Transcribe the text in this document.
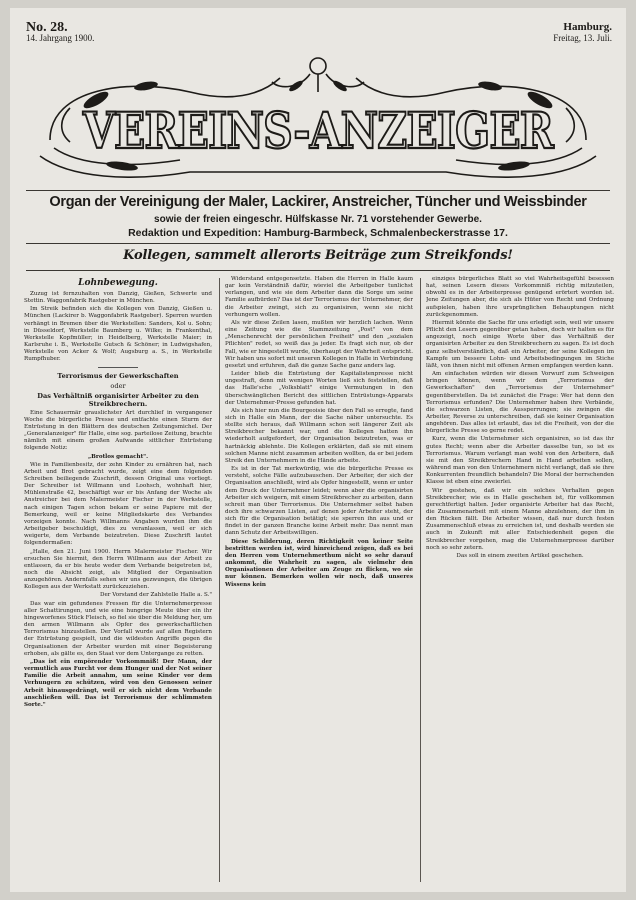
No. 28.
14. Jahrgang 1900.
Hamburg.
Freitag, 13. Juli.
VEREINS-ANZEIGER
Organ der Vereinigung der Maler, Lackirer, Anstreicher, Tüncher und Weissbinder
sowie der freien eingeschr. Hülfskasse Nr. 71 vorstehender Gewerbe.
Redaktion und Expedition: Hamburg-Barmbeck, Schmalenbeckerstrasse 17.
Kollegen, sammelt allerorts Beiträge zum Streikfonds!
Lohnbewegung.

Zuzug ist fernzuhalten von Danzig, Gießen, Schwerte und Stettin. Waggonfabrik Rastgeber in München.

Im Streik befinden sich die Kollegen von Danzig, Gießen u. München (Lackirer b. Waggonfabrik Rastgeber). Sperren wurden verhängt in Bremen über die Werkstellen: Sanders, Kol u. Sohn; in Düsseldorf, Werkstelle Baumberg u. Wilke; in Frankenthal, Werkstelle Kopfmüller; in Heidelberg, Werkstelle Maier; in Karlsruhe i. B., Werkstelle Gutsch & Schöner; in Ludwigshafen, Werkstelle von Acker & Wolf; Augsburg a. S., in Werkstelle Rumpfhuber.

Terrorismus der Gewerkschaften
oder
Das Verhältniß organisirter Arbeiter zu den Streikbrechern.

Eine Schauermär grauslichster Art durchlief in vergangener Woche die bürgerliche Presse und entfachte einen Sturm der Entrüstung in den Blättern des deutschen Zeitungsmichel. Der „Generalanzeiger" für Halle, eine sog. parteilose Zeitung, brachte nämlich mit einem großen Aufwande sittlicher Entrüstung folgende Notiz:

„Brotlos gemacht".

Wie in Familienbesitz, der zehn Kinder zu ernähren hat, nach Arbeit und Brot gebracht wurde, zeigt eine dem folgenden Schreiben beiliegende Zuschrift, dessen Original uns vorliegt. Der Schreiber ist Willmann und Loohsch, wohnhaft hier, Mühlenstraße 42, beschäftigt war er bis Anfang der Woche als Anstreicher bei dem Malermeister Fischer in der Werkstelle, nach einigen Tagen schon bekam er seine Papiere mit der Bemerkung, weil er keine Mitgliedskarte des Verbandes vorzeigen konnte. Nach Willmanns Angaben wurden ihm die Arbeitgeber beschuldigt, dies zu veranlassen, weil er sich weigerte, dem Verbande beizutreten. Diese Zuschrift lautet folgendermaßen:

„Halle, den 21. Juni 1900. Herrn Malermeister Fischer. Wir ersuchen Sie hiermit, den Herrn Willmann aus der Arbeit zu entlassen, da er bis heute weder dem Verbande beigetreten ist, noch die Absicht zeigt, als Mitglied der Organisation anzugehören. Andernfalls sehen wir uns gezwungen, die übrigen Kollegen aus der Werkstatt zurückzuziehen.

Der Vorstand der Zahlstelle Halle a. S."

Das war ein gefundenes Fressen für die Unternehmerpresse aller Schattirungen, und wie eine hungrige Meute über ein ihr hingeworfenes Stück Fleisch, so fiel sie über die Meldung her, um den armen Willmann als Opfer des gewerkschaftlichen Terrorismus hinzustellen. Der Vorfall wurde auf allen Registern der Entrüstung gespielt, und die wildesten Angriffe gegen die Organisationen der Arbeiter wurden mit einer Begeisterung erhoben, als gälte es, den Staat vor dem Untergange zu retten.

„Das ist ein empörender Vorkommniß! Der Mann, der vermutlich aus Furcht vor dem Hunger und der Not seiner Familie die Arbeit annahm, um seine Kinder vor dem Verhungern zu schützen, wird von den Genossen seiner Arbeit hinausgedrängt, weil er sich nicht dem Verbande anschließen will. Das ist Terrorismus der schlimmsten Sorte."

Widerstand entgegensetzte. Haben die Herren in Halle kaum gar kein Verständniß dafür, wieviel die Arbeitgeber tunlichst verlangen, und wie sie dem Arbeiter dann die Sorge um seine Familie aufbürden? Das ist der Terrorismus der Unternehmer, der die Arbeiter zwingt, sich zu organisiren, wenn sie nicht verhungern wollen.

Als wir diese Zeilen lasen, mußten wir herzlich lachen. Wenn eine Zeitung wie die Stammzeitung „Post" von dem „Menschenrecht der persönlichen Freiheit" und den „sozialen Pflichten" redet, so weiß das ja jeder. Es fragt sich nur, ob der Fall, wie er hingestellt wurde, überhaupt der Wahrheit entspricht. Wir haben uns sofort mit unseren Kollegen in Halle in Verbindung gesetzt und erfuhren, daß die ganze Sache ganz anders lag.

Leider blieb die Entrüstung der Kapitalistenpresse nicht ungestraft, denn mit wenigen Worten ließ sich feststellen, daß das Halle'sche „Volksblatt" einige Vermutungen in den überschwänglichen Bericht des sittlichen Entrüstungs-Apparats der Unternehmer-Presse gefunden hat.

Als sich hier nun die Bourgeoisie über den Fall so erregte, fand sich in Halle ein Mann, der die Sache näher untersuchte. Es stellte sich heraus, daß Willmann schon seit längerer Zeit als Streikbrecher bekannt war, und die Kollegen hatten ihn wiederholt aufgefordert, der Organisation beizutreten, was er hartnäckig ablehnte. Die Kollegen erklärten, daß sie mit einem solchen Manne nicht zusammen arbeiten wollten, da er bei jedem Streik den Unternehmern in die Hände arbeite.

Es ist in der Tat merkwürdig, wie die bürgerliche Presse es versteht, solche Fälle aufzubauschen. Der Arbeiter, der sich der Organisation anschließt, wird als Opfer hingestellt, wenn er unter dem Druck der Unternehmer leidet; wenn aber die organisirten Arbeiter sich weigern, mit einem Streikbrecher zu arbeiten, dann schreit man über Terrorismus. Die Unternehmer selbst haben doch ihre schwarzen Listen, auf denen jeder Arbeiter steht, der sich für die Organisation betätigt; sie sperren ihn aus und er findet in der ganzen Branche keine Arbeit mehr. Das nennt man dann Schutz der Arbeitswilligen.

Diese Schilderung, deren Richtigkeit von keiner Seite bestritten werden ist, wird hinreichend zeigen, daß es bei den Herren vom Unternehmerthum nicht so sehr darauf ankommt, die Wahrheit zu sagen, als vielmehr den Organisationen der Arbeiter am Zeuge zu flicken, wo sie nur können. Bemerken wollen wir noch, daß unseres Wissens kein

einziges bürgerliches Blatt so viel Wahrheitsgefühl besessen hat, seinen Lesern dieses Vorkommniß richtig mitzuteilen, obwohl es in der Arbeiterpresse genügend erörtert worden ist. Jene Zeitungen aber, die sich als Hüter von Recht und Ordnung aufspielen, haben ihre ursprünglichen Behauptungen nicht zurückgenommen.

Hiermit könnte die Sache für uns erledigt sein, weil wir unsere Pflicht den Lesern gegenüber getan haben, doch wir halten es für angezeigt, noch einige Worte über das Verhältniß der organisirten Arbeiter zu den Streikbrechern zu sagen. Es ist doch ganz selbstverständlich, daß ein Arbeiter, der seine Kollegen im Kampfe um bessere Lohn- und Arbeitsbedingungen im Stiche läßt, von ihnen nicht mit offenen Armen empfangen werden kann.

Am einfachsten würden wir diesen Vorwurf zum Schweigen bringen können, wenn wir dem „Terrorismus der Gewerkschaften" den „Terrorismus der Unternehmer" gegenüberstellen. Da ist zunächst die Frage: Wer hat denn den Terrorismus erfunden? Die Unternehmer haben ihre Verbände, die schwarzen Listen, die Aussperrungen; sie zwingen die Arbeiter, Reverse zu unterschreiben, daß sie keiner Organisation angehören. Das alles ist erlaubt, das ist die Freiheit, von der die bürgerliche Presse so gerne redet.

Kurz, wenn die Unternehmer sich organisiren, so ist das ihr gutes Recht; wenn aber die Arbeiter dasselbe tun, so ist es Terrorismus. Warum verlangt man wohl von den Arbeitern, daß sie mit den Streikbrechern Hand in Hand arbeiten sollen, während man von den Unternehmern nicht verlangt, daß sie ihre Konkurrenten freundlich behandeln? Die Moral der herrschenden Klasse ist eben eine zweierlei.

Wir gestehen, daß wir ein solches Verhalten gegen Streikbrecher, wie es in Halle geschehen ist, für vollkommen gerechtfertigt halten. Jeder organisirte Arbeiter hat das Recht, die Zusammenarbeit mit einem Manne abzulehnen, der ihm in den Rücken fällt. Die Arbeiter wissen, daß nur durch festen Zusammenschluß etwas zu erreichen ist, und deshalb werden sie auch in Zukunft mit aller Entschiedenheit gegen die Streikbrecher vorgehen, mag die Unternehmerpresse darüber noch so sehr zetern.

Das soll in einem zweiten Artikel geschehen.
